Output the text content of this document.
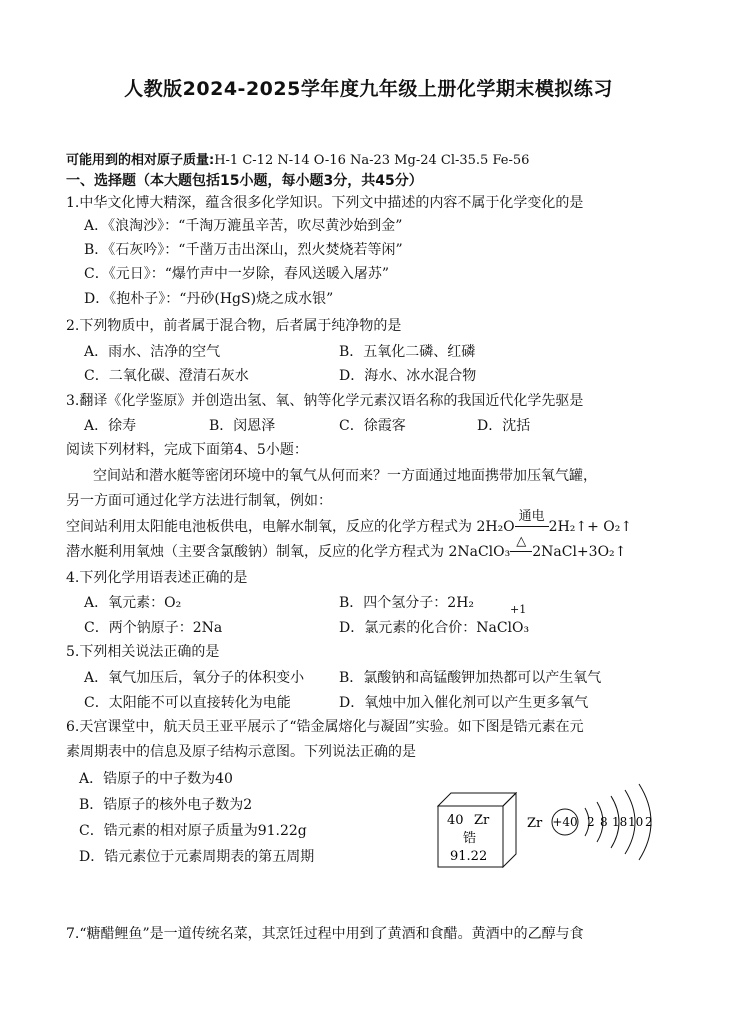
人教版2024-2025学年度九年级上册化学期末模拟练习
可能用到的相对原子质量:H-1 C-12 N-14 O-16 Na-23 Mg-24 Cl-35.5 Fe-56
一、选择题（本大题包括15小题，每小题3分，共45分）
1.中华文化博大精深，蕴含很多化学知识。下列文中描述的内容不属于化学变化的是
A．《浪淘沙》：“千淘万漉虽辛苦，吹尽黄沙始到金”
B．《石灰吟》：“千凿万击出深山，烈火焚烧若等闲”
C．《元日》：“爆竹声中一岁除，春风送暖入屠苏”
D．《抱朴子》：“丹砂(HgS)烧之成水银”
2.下列物质中，前者属于混合物，后者属于纯净物的是
A．雨水、洁净的空气	B．五氧化二磷、红磷
C．二氧化碳、澄清石灰水	D．海水、冰水混合物
3.翻译《化学鉴原》并创造出氢、氧、钠等化学元素汉语名称的我国近代化学先驱是
A．徐寿	B．闵恩泽	C．徐霞客	D．沈括
阅读下列材料，完成下面第4、5小题：
空间站和潜水艇等密闭环境中的氧气从何而来？一方面通过地面携带加压氧气罐，
另一方面可通过化学方法进行制氧，例如：
空间站利用太阳能电池板供电，电解水制氧，反应的化学方程式为 2H₂O
通电
2H₂↑+ O₂↑
潜水艇利用氧烛（主要含氯酸钠）制氧，反应的化学方程式为 2NaClO₃
△
2NaCl+3O₂↑
4.下列化学用语表述正确的是
A．氧元素：O₂	B．四个氢分子：2H₂
C．两个钠原子：2Na	D．氯元素的化合价：NaClO₃
+1
5.下列相关说法正确的是
A．氧气加压后，氧分子的体积变小 B．氯酸钠和高锰酸钾加热都可以产生氧气
C．太阳能不可以直接转化为电能	D．氧烛中加入催化剂可以产生更多氧气
6.天宫课堂中，航天员王亚平展示了“锆金属熔化与凝固”实验。如下图是锆元素在元
素周期表中的信息及原子结构示意图。下列说法正确的是
A．锆原子的中子数为40
B．锆原子的核外电子数为2
C．锆元素的相对原子质量为91.22g
D．锆元素位于元素周期表的第五周期
40 Zr
锆
91.22
Zr +40 2 8 18 10 2
7.“糖醋鲤鱼”是一道传统名菜，其烹饪过程中用到了黄酒和食醋。黄酒中的乙醇与食
